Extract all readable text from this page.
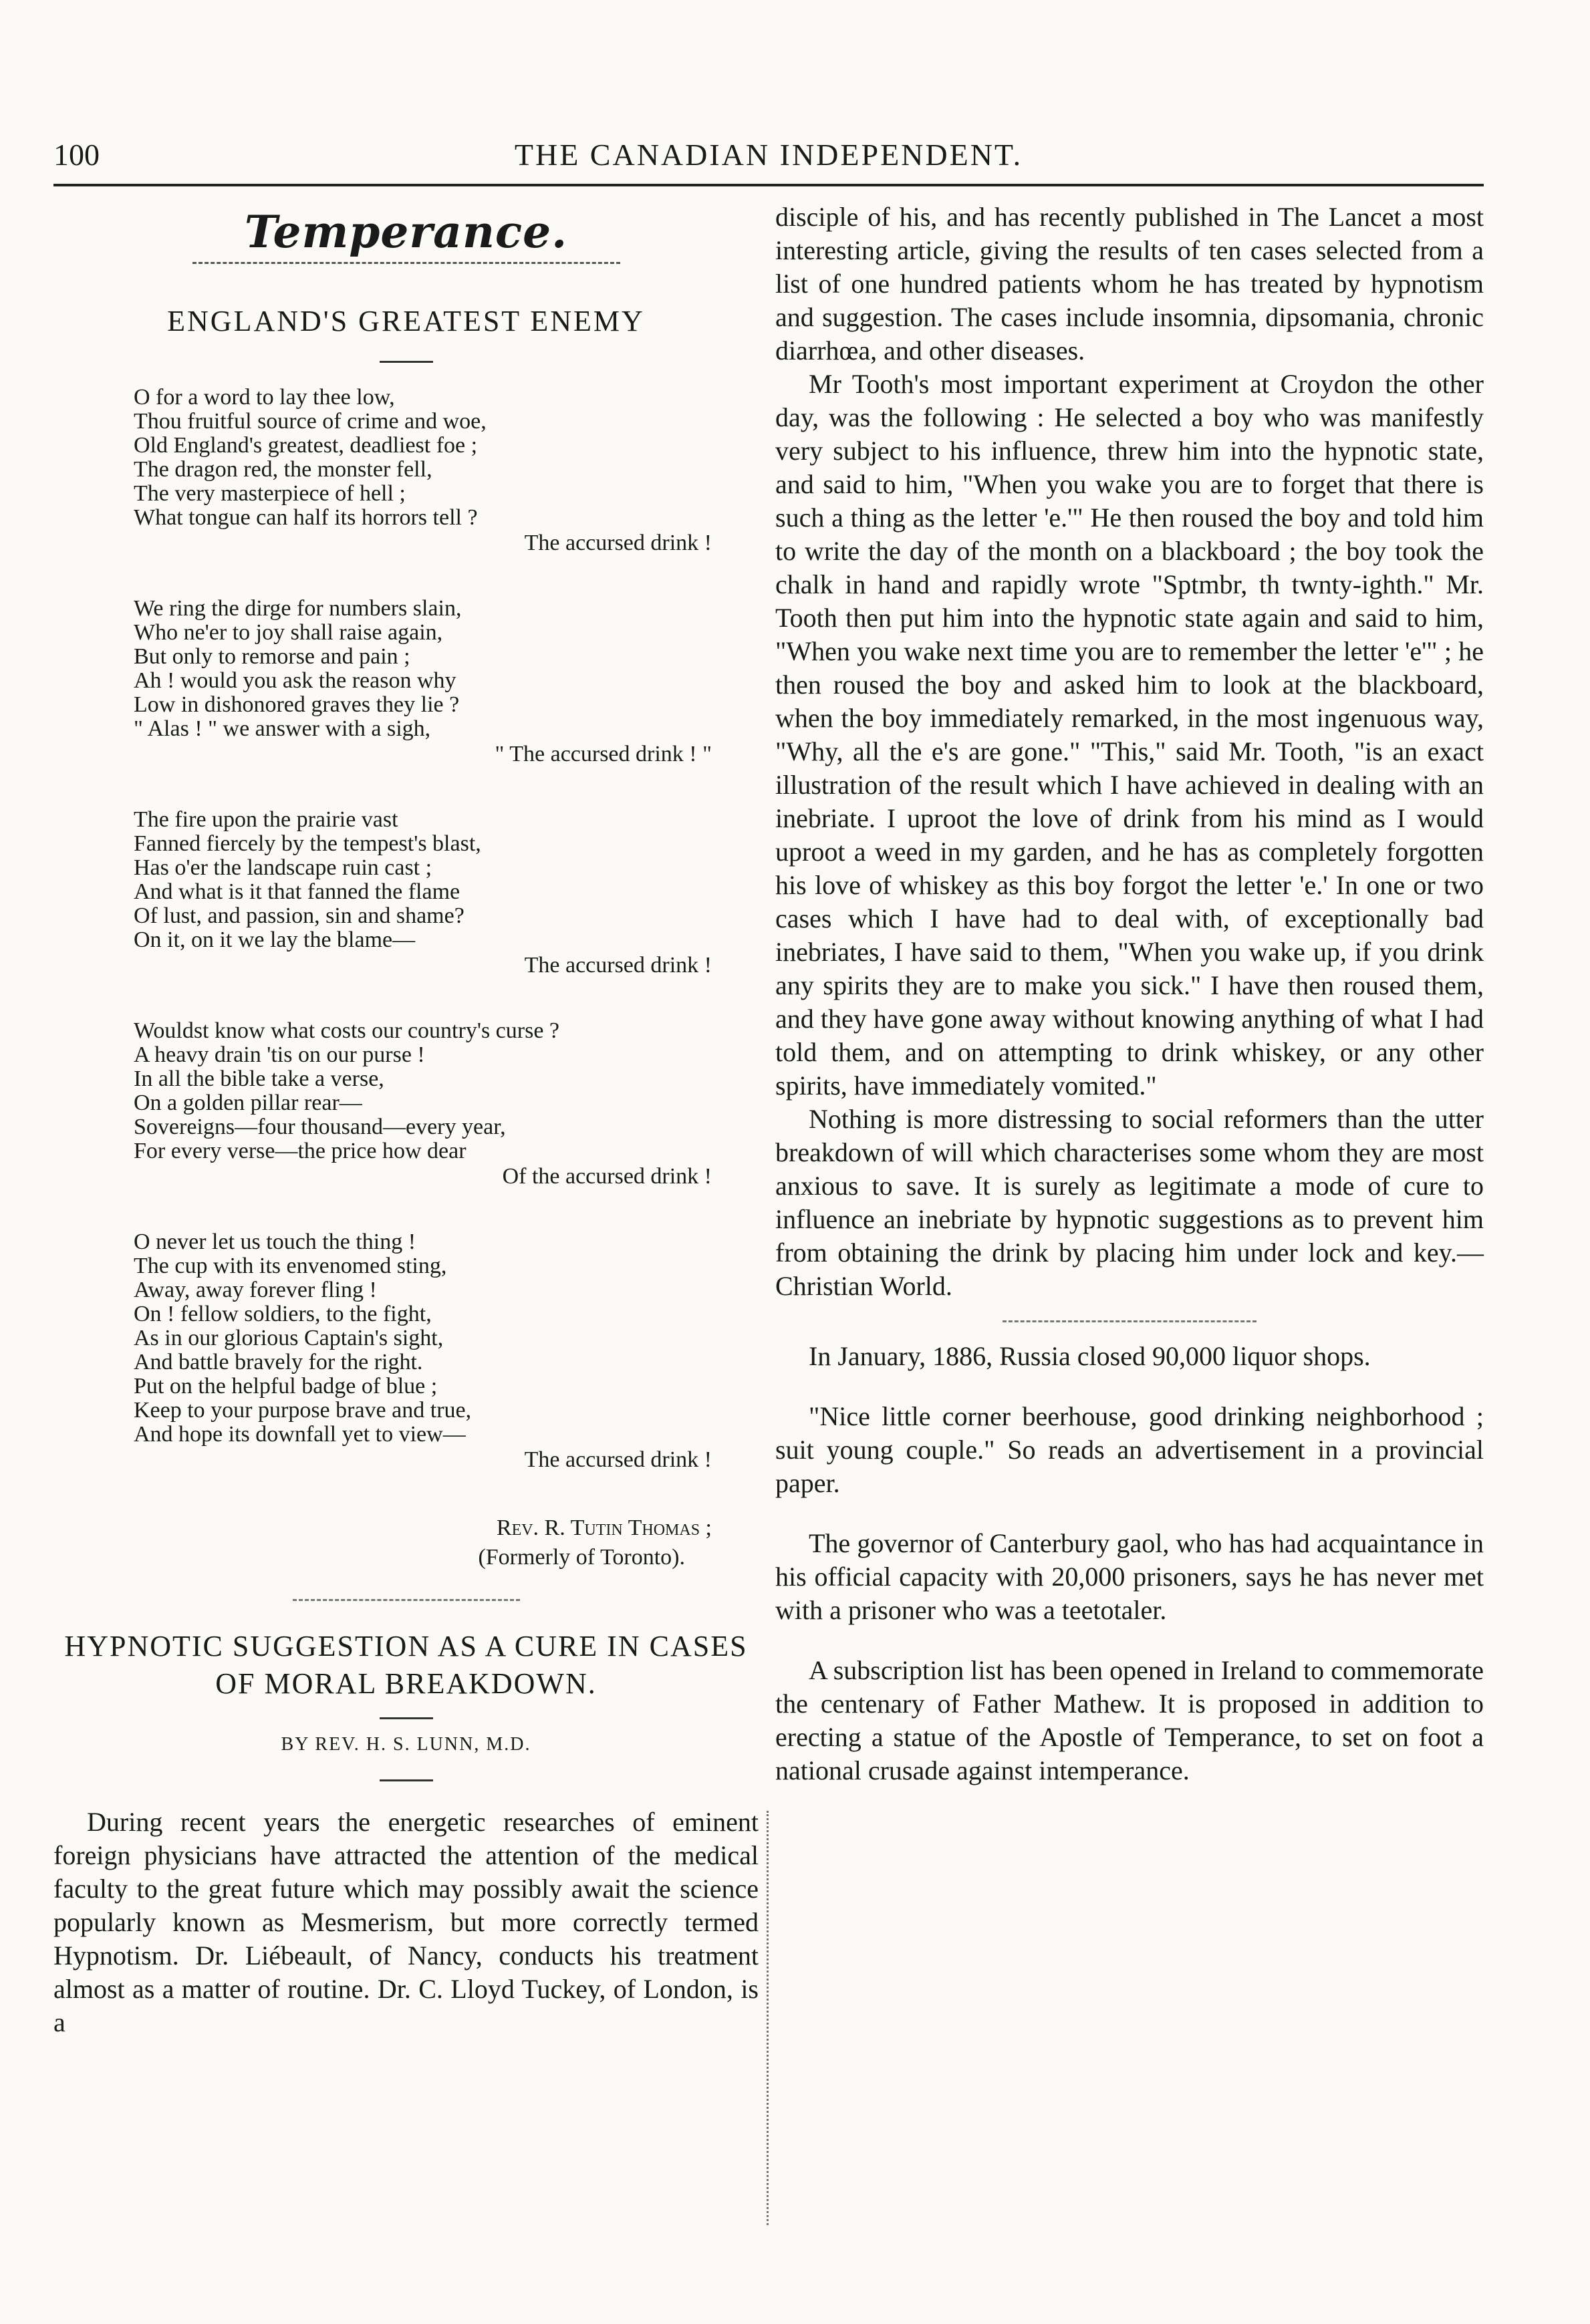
100	THE CANADIAN INDEPENDENT.
Temperance.
ENGLAND'S GREATEST ENEMY
O for a word to lay thee low,
Thou fruitful source of crime and woe,
Old England's greatest, deadliest foe ;
The dragon red, the monster fell,
The very masterpiece of hell ;
What tongue can half its horrors tell ?
The accursed drink !
We ring the dirge for numbers slain,
Who ne'er to joy shall raise again,
But only to remorse and pain ;
Ah ! would you ask the reason why
Low in dishonored graves they lie ?
" Alas ! " we answer with a sigh,
" The accursed drink ! "
The fire upon the prairie vast
Fanned fiercely by the tempest's blast,
Has o'er the landscape ruin cast ;
And what is it that fanned the flame
Of lust, and passion, sin and shame?
On it, on it we lay the blame—
The accursed drink !
Wouldst know what costs our country's curse ?
A heavy drain 'tis on our purse !
In all the bible take a verse,
On a golden pillar rear—
Sovereigns—four thousand—every year,
For every verse—the price how dear
Of the accursed drink !
O never let us touch the thing !
The cup with its envenomed sting,
Away, away forever fling !
On ! fellow soldiers, to the fight,
As in our glorious Captain's sight,
And battle bravely for the right.
Put on the helpful badge of blue ;
Keep to your purpose brave and true,
And hope its downfall yet to view—
The accursed drink !
Rev. R. Tutin Thomas ;
(Formerly of Toronto).
HYPNOTIC SUGGESTION AS A CURE IN CASES OF MORAL BREAKDOWN.
BY REV. H. S. LUNN, M.D.

During recent years the energetic researches of eminent foreign physicians have attracted the attention of the medical faculty to the great future which may possibly await the science popularly known as Mesmerism, but more correctly termed Hypnotism. Dr. Liébeault, of Nancy, conducts his treatment almost as a matter of routine. Dr. C. Lloyd Tuckey, of London, is a

disciple of his, and has recently published in The Lancet a most interesting article, giving the results of ten cases selected from a list of one hundred patients whom he has treated by hypnotism and suggestion. The cases include insomnia, dipsomania, chronic diarrhœa, and other diseases.

Mr Tooth's most important experiment at Croydon the other day, was the following : He selected a boy who was manifestly very subject to his influence, threw him into the hypnotic state, and said to him, "When you wake you are to forget that there is such a thing as the letter 'e.'" He then roused the boy and told him to write the day of the month on a blackboard ; the boy took the chalk in hand and rapidly wrote "Sptmbr, th twnty-ighth." Mr. Tooth then put him into the hypnotic state again and said to him, "When you wake next time you are to remember the letter 'e'" ; he then roused the boy and asked him to look at the blackboard, when the boy immediately remarked, in the most ingenuous way, "Why, all the e's are gone." "This," said Mr. Tooth, "is an exact illustration of the result which I have achieved in dealing with an inebriate. I uproot the love of drink from his mind as I would uproot a weed in my garden, and he has as completely forgotten his love of whiskey as this boy forgot the letter 'e.' In one or two cases which I have had to deal with, of exceptionally bad inebriates, I have said to them, "When you wake up, if you drink any spirits they are to make you sick." I have then roused them, and they have gone away without knowing anything of what I had told them, and on attempting to drink whiskey, or any other spirits, have immediately vomited."

Nothing is more distressing to social reformers than the utter breakdown of will which characterises some whom they are most anxious to save. It is surely as legitimate a mode of cure to influence an inebriate by hypnotic suggestions as to prevent him from obtaining the drink by placing him under lock and key.—Christian World.

In January, 1886, Russia closed 90,000 liquor shops.

"Nice little corner beerhouse, good drinking neighborhood ; suit young couple." So reads an advertisement in a provincial paper.

The governor of Canterbury gaol, who has had acquaintance in his official capacity with 20,000 prisoners, says he has never met with a prisoner who was a teetotaler.

A subscription list has been opened in Ireland to commemorate the centenary of Father Mathew. It is proposed in addition to erecting a statue of the Apostle of Temperance, to set on foot a national crusade against intemperance.
